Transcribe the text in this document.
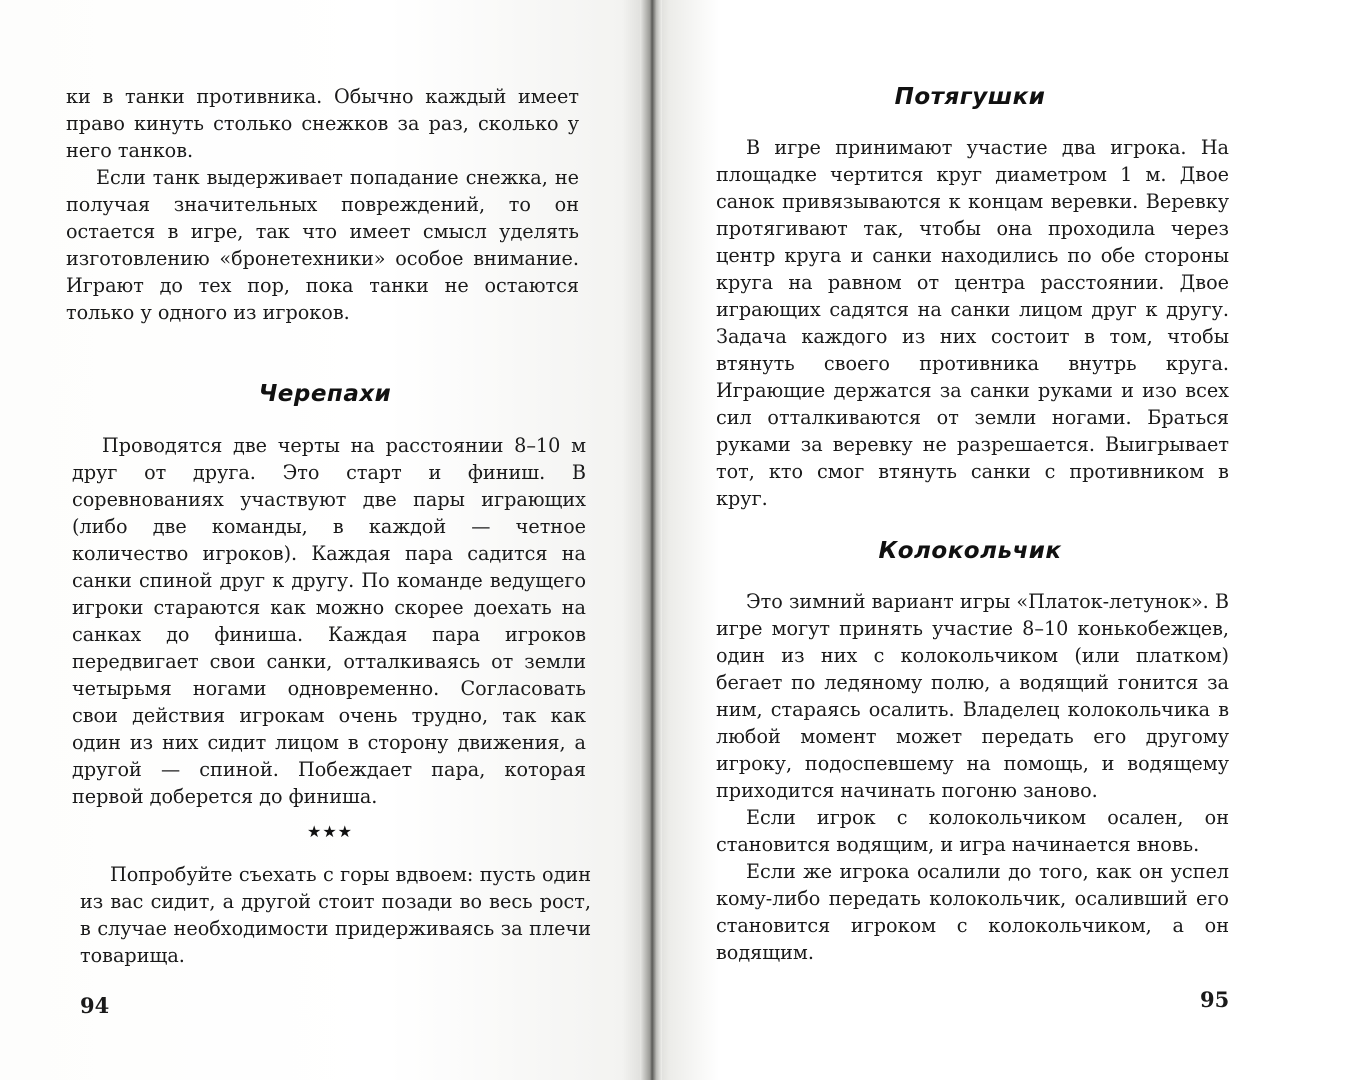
ки в танки противника. Обычно каждый имеет право кинуть столько снежков за раз, сколько у него танков.

Если танк выдерживает попадание снежка, не получая значительных повреждений, то он остается в игре, так что имеет смысл уделять изготовлению «бронетехники» особое внимание. Играют до тех пор, пока танки не остаются только у одного из игроков.

Черепахи

Проводятся две черты на расстоянии 8–10 м друг от друга. Это старт и финиш. В соревнованиях участвуют две пары играющих (либо две команды, в каждой — четное количество игроков). Каждая пара садится на санки спиной друг к другу. По команде ведущего игроки стараются как можно скорее доехать на санках до финиша. Каждая пара игроков передвигает свои санки, отталкиваясь от земли четырьмя ногами одновременно. Согласовать свои действия игрокам очень трудно, так как один из них сидит лицом в сторону движения, а другой — спиной. Побеждает пара, которая первой доберется до финиша.

★★★

Попробуйте съехать с горы вдвоем: пусть один из вас сидит, а другой стоит позади во весь рост, в случае необходимости придерживаясь за плечи товарища.

94
Потягушки

В игре принимают участие два игрока. На площадке чертится круг диаметром 1 м. Двое санок привязываются к концам веревки. Веревку протягивают так, чтобы она проходила через центр круга и санки находились по обе стороны круга на равном от центра расстоянии. Двое играющих садятся на санки лицом друг к другу. Задача каждого из них состоит в том, чтобы втянуть своего противника внутрь круга. Играющие держатся за санки руками и изо всех сил отталкиваются от земли ногами. Браться руками за веревку не разрешается. Выигрывает тот, кто смог втянуть санки с противником в круг.

Колокольчик

Это зимний вариант игры «Платок-летунок». В игре могут принять участие 8–10 конькобежцев, один из них с колокольчиком (или платком) бегает по ледяному полю, а водящий гонится за ним, стараясь осалить. Владелец колокольчика в любой момент может передать его другому игроку, подоспевшему на помощь, и водящему приходится начинать погоню заново.

Если игрок с колокольчиком осален, он становится водящим, и игра начинается вновь.

Если же игрока осалили до того, как он успел кому-либо передать колокольчик, осаливший его становится игроком с колокольчиком, а он водящим.

95
